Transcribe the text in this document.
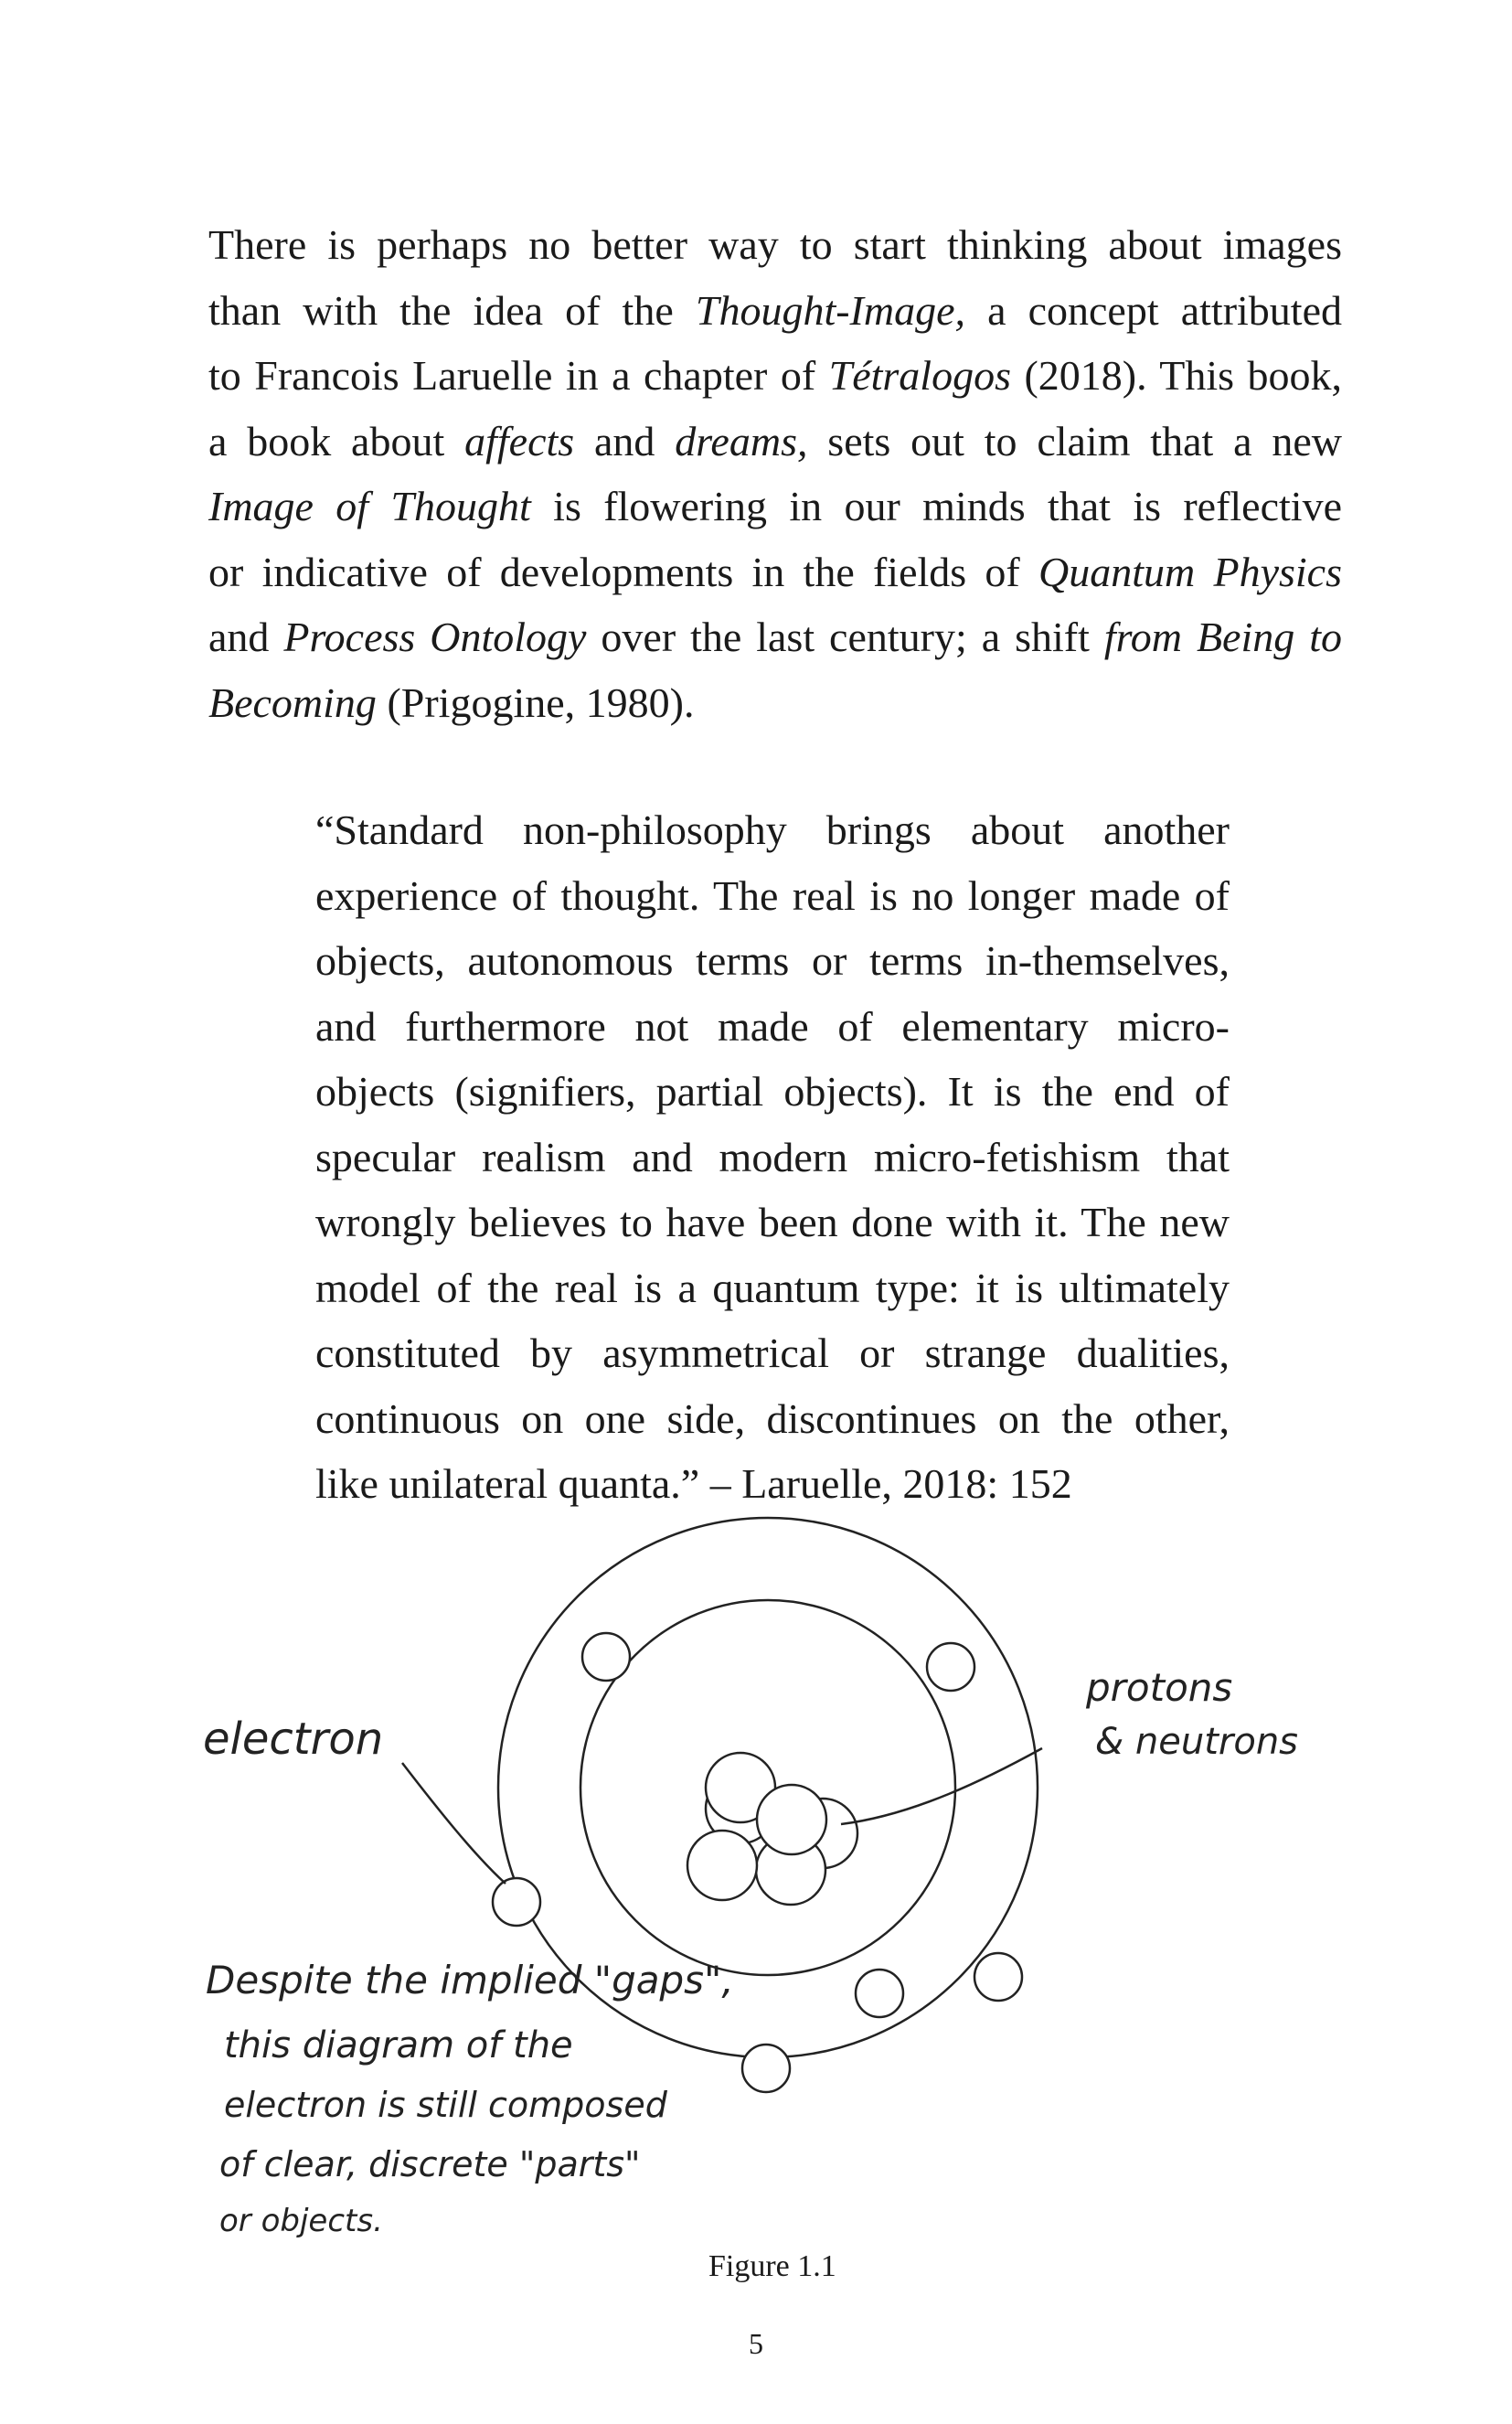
There is perhaps no better way to start thinking about images
than with the idea of the Thought-Image, a concept attributed
to Francois Laruelle in a chapter of Tétralogos (2018). This book,
a book about affects and dreams, sets out to claim that a new
Image of Thought is flowering in our minds that is reflective
or indicative of developments in the fields of Quantum Physics
and Process Ontology over the last century; a shift from Being to
Becoming (Prigogine, 1980).
“Standard non-philosophy brings about another
experience of thought. The real is no longer made of
objects, autonomous terms or terms in-themselves,
and furthermore not made of elementary micro-
objects (signifiers, partial objects). It is the end of
specular realism and modern micro-fetishism that
wrongly believes to have been done with it. The new
model of the real is a quantum type: it is ultimately
constituted by asymmetrical or strange dualities,
continuous on one side, discontinues on the other,
like unilateral quanta.” – Laruelle, 2018: 152
electron
protons
& neutrons
Despite the implied "gaps",
this diagram of the
electron is still composed
of clear, discrete "parts"
or objects.
Figure 1.1
5
